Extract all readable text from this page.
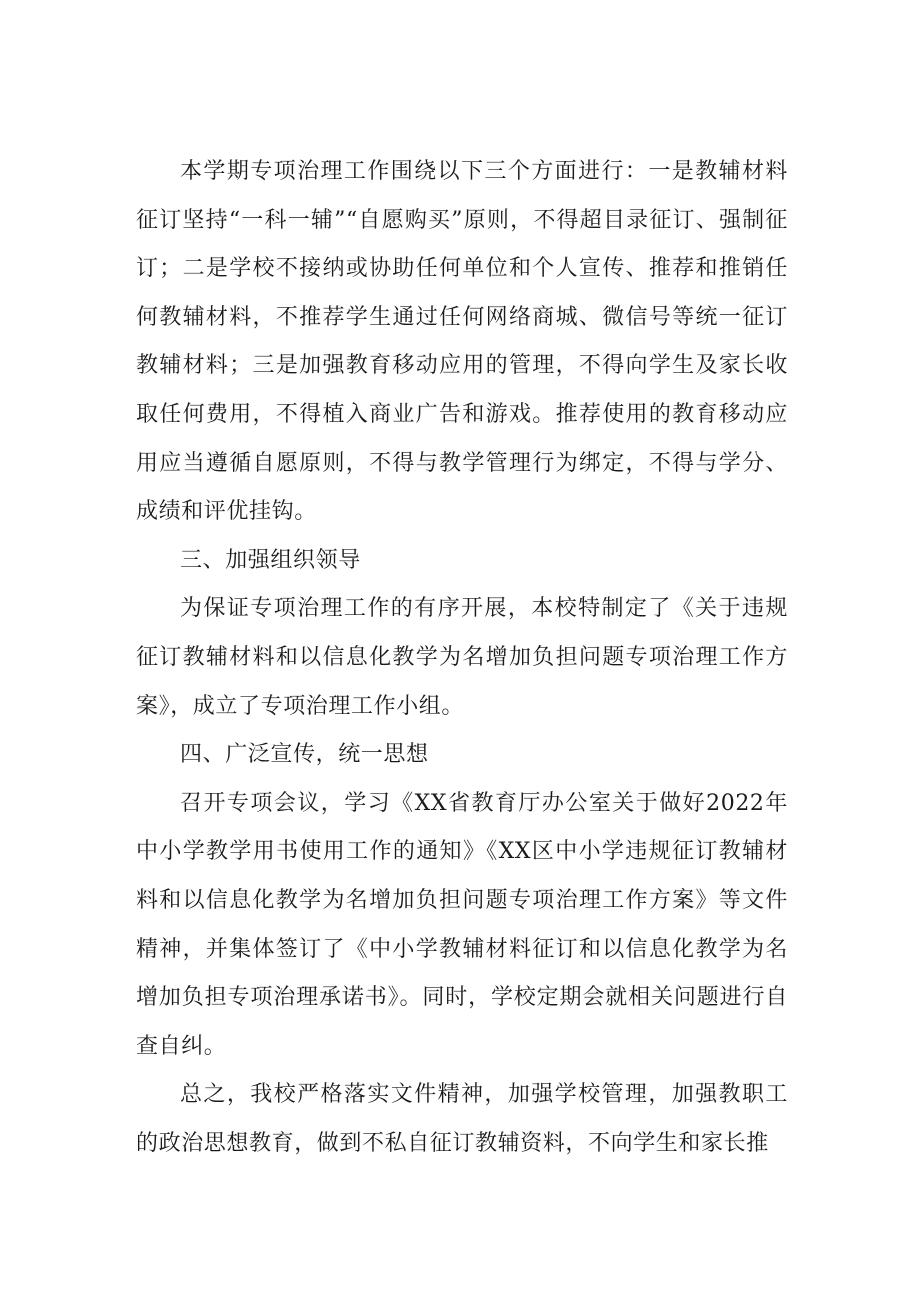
本学期专项治理工作围绕以下三个方面进行：一是教辅材料征订坚持“一科一辅”“自愿购买”原则，不得超目录征订、强制征订；二是学校不接纳或协助任何单位和个人宣传、推荐和推销任何教辅材料，不推荐学生通过任何网络商城、微信号等统一征订教辅材料；三是加强教育移动应用的管理，不得向学生及家长收取任何费用，不得植入商业广告和游戏。推荐使用的教育移动应用应当遵循自愿原则，不得与教学管理行为绑定，不得与学分、成绩和评优挂钩。

三、加强组织领导

为保证专项治理工作的有序开展，本校特制定了《关于违规征订教辅材料和以信息化教学为名增加负担问题专项治理工作方案》，成立了专项治理工作小组。

四、广泛宣传，统一思想

召开专项会议，学习《XX省教育厅办公室关于做好2022年中小学教学用书使用工作的通知》《XX区中小学违规征订教辅材料和以信息化教学为名增加负担问题专项治理工作方案》等文件精神，并集体签订了《中小学教辅材料征订和以信息化教学为名增加负担专项治理承诺书》。同时，学校定期会就相关问题进行自查自纠。

总之，我校严格落实文件精神，加强学校管理，加强教职工的政治思想教育，做到不私自征订教辅资料，不向学生和家长推
